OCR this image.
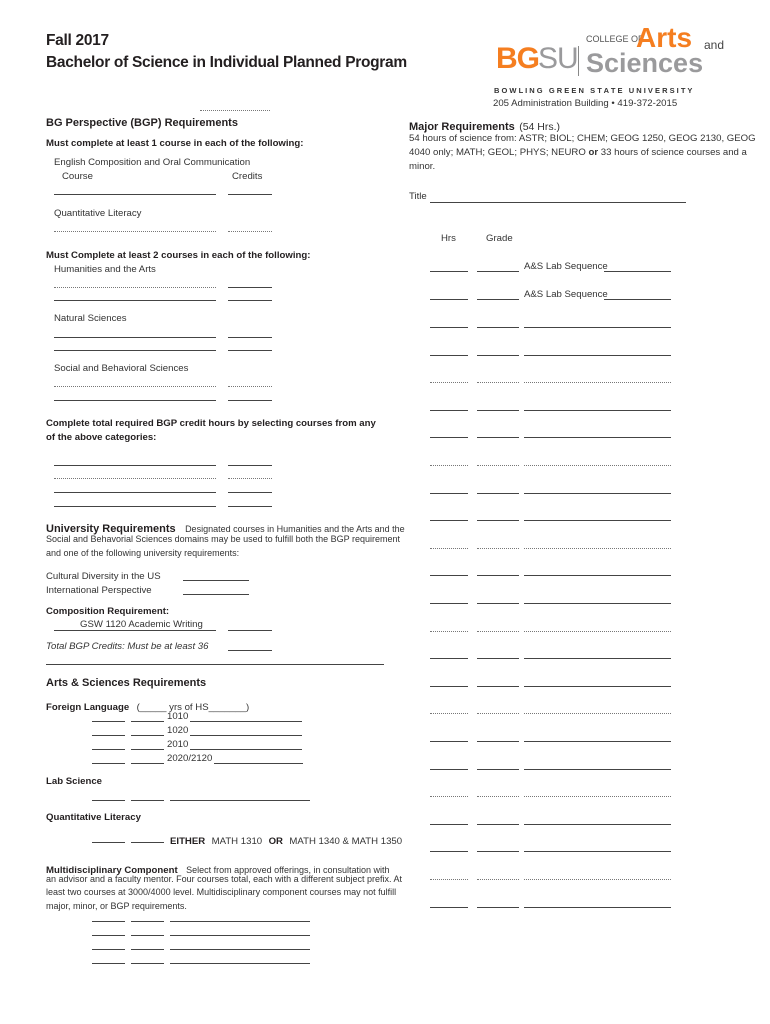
Fall 2017
Bachelor of Science in Individual Planned Program	BG SU
COLLEGE OF
Arts and
Sciences
B O W L I N G   G R E E N   S T A T E   U N I V E R S I T Y
205 Administration Building • 419-372-2015
BG Perspective (BGP) Requirements
Must complete at least 1 course in each of the following:
English Composition and Oral Communication
Course	Credits
Quantitative Literacy
Must Complete at least 2 courses in each of the following:
Humanities and the Arts
Natural Sciences
Social and Behavioral Sciences
Complete total required BGP credit hours by selecting courses from any
of the above categories:
University Requirements Designated courses in Humanities and the Arts and the
Social and Behavorial Sciences domains may be used to fulfill both the BGP requirement
and one of the following university requirements:
Cultural Diversity in the US
International Perspective
Composition Requirement:
GSW 1120 Academic Writing
Total BGP Credits: Must be at least 36
Arts & Sciences Requirements
Foreign Language (_____ yrs of HS_______)
1010
1020
2010
2020/2120
Lab Science
Quantitative Literacy
EITHER MATH 1310 OR MATH 1340 & MATH 1350
Multidisciplinary Component Select from approved offerings, in consultation with
an advisor and a faculty mentor. Four courses total, each with a different subject prefix. At
least two courses at 3000/4000 level. Multidisciplinary component courses may not fulfill
major, minor, or BGP requirements.
Major Requirements (54 Hrs.)
54 hours of science from: ASTR; BIOL; CHEM; GEOG 1250, GEOG 2130, GEOG
4040 only; MATH; GEOL; PHYS; NEURO or 33 hours of science courses and a
minor.
Title
Hrs	Grade
A&S Lab Sequence
A&S Lab Sequence
